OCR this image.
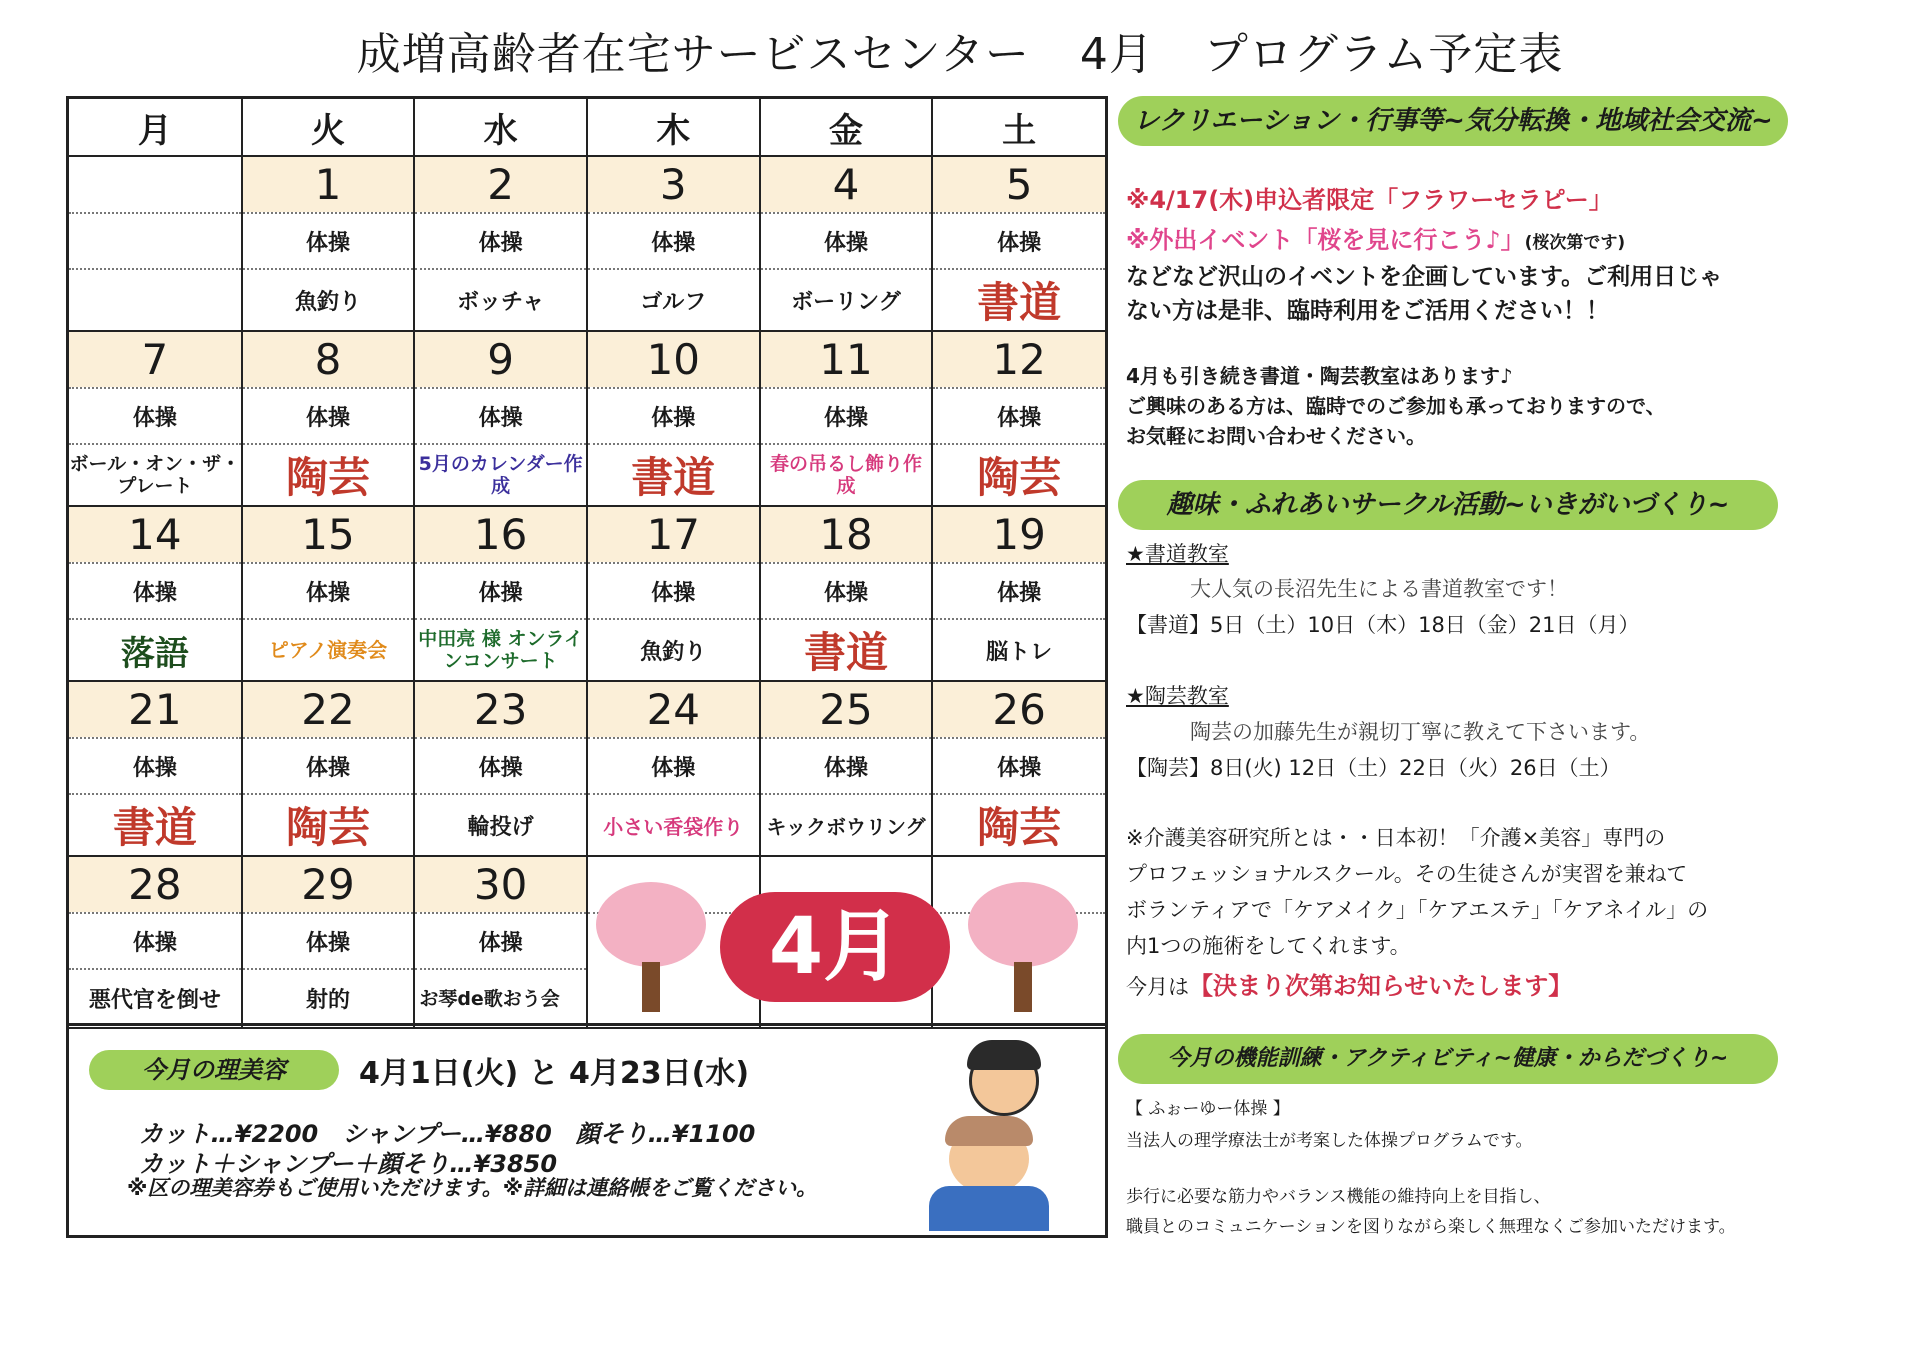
成増高齢者在宅サービスセンター 4月 プログラム予定表
月	火	水	木	金	土
	1	2	3	4	5
	体操	体操	体操	体操	体操
	魚釣り	ボッチャ	ゴルフ	ボーリング	書道
7	8	9	10	11	12
体操	体操	体操	体操	体操	体操
ボール・オン・ザ・プレート	陶芸	5月のカレンダー作成	書道	春の吊るし飾り作成	陶芸
14	15	16	17	18	19
体操	体操	体操	体操	体操	体操
落語	ピアノ演奏会	中田亮 様 オンラインコンサート	魚釣り	書道	脳トレ
21	22	23	24	25	26
体操	体操	体操	体操	体操	体操
書道	陶芸	輪投げ	小さい香袋作り	キックボウリング	陶芸
28	29	30			
体操	体操	体操			
悪代官を倒せ	射的	お琴de歌おう会			
4月
今月の理美容	4月1日(火) と 4月23日(水)
カット…¥2200　シャンプー…¥880　顔そり…¥1100
カット＋シャンプー＋顔そり…¥3850
※区の理美容券もご使用いただけます。※詳細は連絡帳をご覧ください。
レクリエーション・行事等~気分転換・地域社会交流~
※4/17(木)申込者限定「フラワーセラピー」
※外出イベント「桜を見に行こう♪」(桜次第です)
などなど沢山のイベントを企画しています。ご利用日じゃ
ない方は是非、臨時利用をご活用ください！！
4月も引き続き書道・陶芸教室はあります♪
ご興味のある方は、臨時でのご参加も承っておりますので、
お気軽にお問い合わせください。
趣味・ふれあいサークル活動~いきがいづくり~
★書道教室
大人気の長沼先生による書道教室です！
【書道】5日（土）10日（木）18日（金）21日（月）
★陶芸教室
陶芸の加藤先生が親切丁寧に教えて下さいます。
【陶芸】8日(火) 12日（土）22日（火）26日（土）
※介護美容研究所とは・・日本初！「介護×美容」専門の
プロフェッショナルスクール。その生徒さんが実習を兼ねて
ボランティアで「ケアメイク」「ケアエステ」「ケアネイル」の
内1つの施術をしてくれます。
今月は【決まり次第お知らせいたします】
今月の機能訓練・アクティビティ~健康・からだづくり~
【 ふぉーゆー体操 】
当法人の理学療法士が考案した体操プログラムです。
歩行に必要な筋力やバランス機能の維持向上を目指し、
職員とのコミュニケーションを図りながら楽しく無理なくご参加いただけます。
